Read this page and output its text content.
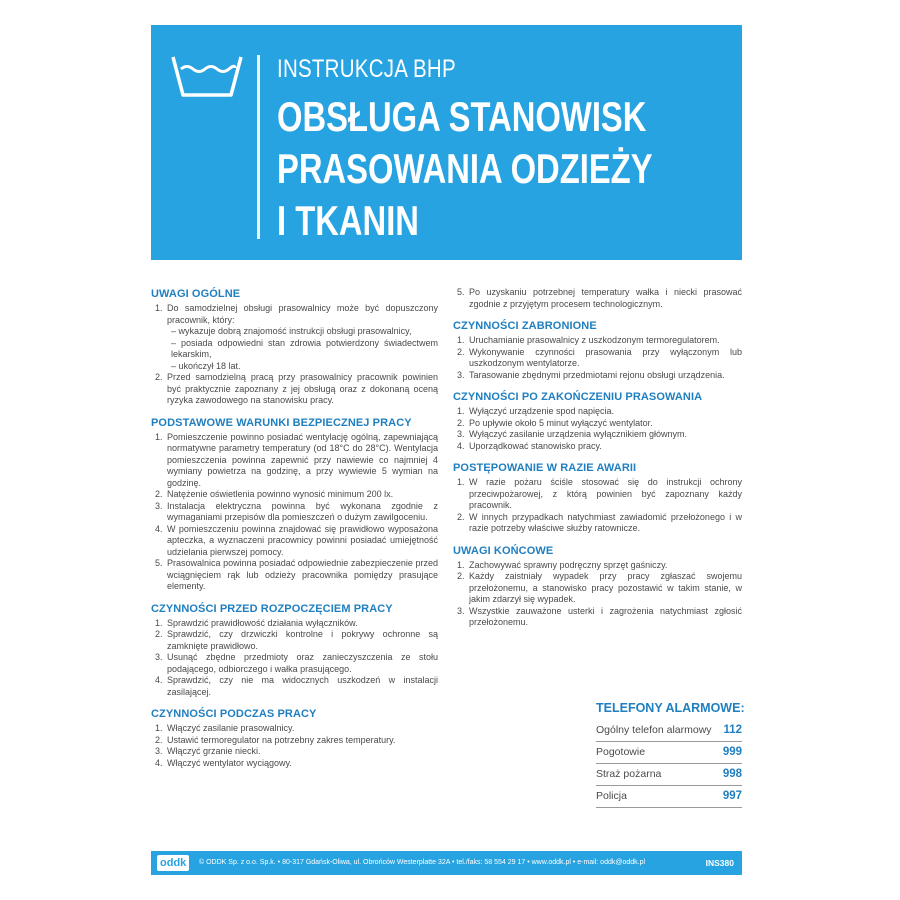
INSTRUKCJA BHP
OBSŁUGA STANOWISK
PRASOWANIA ODZIEŻY
I TKANIN
UWAGI OGÓLNE
1. Do samodzielnej obsługi prasowalnicy może być dopuszczony pracownik, który:
– wykazuje dobrą znajomość instrukcji obsługi prasowalnicy,
– posiada odpowiedni stan zdrowia potwierdzony świadectwem lekarskim,
– ukończył 18 lat.
2. Przed samodzielną pracą przy prasowalnicy pracownik powinien być praktycznie zapoznany z jej obsługą oraz z dokonaną oceną ryzyka zawodowego na stanowisku pracy.
PODSTAWOWE WARUNKI BEZPIECZNEJ PRACY
1. Pomieszczenie powinno posiadać wentylację ogólną, zapewniającą normatywne parametry temperatury (od 18°C do 28°C). Wentylacja pomieszczenia powinna zapewnić przy nawiewie co najmniej 4 wymiany powietrza na godzinę, a przy wywiewie 5 wymian na godzinę.
2. Natężenie oświetlenia powinno wynosić minimum 200 lx.
3. Instalacja elektryczna powinna być wykonana zgodnie z wymaganiami przepisów dla pomieszczeń o dużym zawilgoceniu.
4. W pomieszczeniu powinna znajdować się prawidłowo wyposażona apteczka, a wyznaczeni pracownicy powinni posiadać umiejętność udzielania pierwszej pomocy.
5. Prasowalnica powinna posiadać odpowiednie zabezpieczenie przed wciągnięciem rąk lub odzieży pracownika pomiędzy prasujące elementy.
CZYNNOŚCI PRZED ROZPOCZĘCIEM PRACY
1. Sprawdzić prawidłowość działania wyłączników.
2. Sprawdzić, czy drzwiczki kontrolne i pokrywy ochronne są zamknięte prawidłowo.
3. Usunąć zbędne przedmioty oraz zanieczyszczenia ze stołu podającego, odbiorczego i wałka prasującego.
4. Sprawdzić, czy nie ma widocznych uszkodzeń w instalacji zasilającej.
CZYNNOŚCI PODCZAS PRACY
1. Włączyć zasilanie prasowalnicy.
2. Ustawić termoregulator na potrzebny zakres temperatury.
3. Włączyć grzanie niecki.
4. Włączyć wentylator wyciągowy.
5. Po uzyskaniu potrzebnej temperatury wałka i niecki prasować zgodnie z przyjętym procesem technologicznym.
CZYNNOŚCI ZABRONIONE
1. Uruchamianie prasowalnicy z uszkodzonym termoregulatorem.
2. Wykonywanie czynności prasowania przy wyłączonym lub uszkodzonym wentylatorze.
3. Tarasowanie zbędnymi przedmiotami rejonu obsługi urządzenia.
CZYNNOŚCI PO ZAKOŃCZENIU PRASOWANIA
1. Wyłączyć urządzenie spod napięcia.
2. Po upływie około 5 minut wyłączyć wentylator.
3. Wyłączyć zasilanie urządzenia wyłącznikiem głównym.
4. Uporządkować stanowisko pracy.
POSTĘPOWANIE W RAZIE AWARII
1. W razie pożaru ściśle stosować się do instrukcji ochrony przeciwpożarowej, z którą powinien być zapoznany każdy pracownik.
2. W innych przypadkach natychmiast zawiadomić przełożonego i w razie potrzeby właściwe służby ratownicze.
UWAGI KOŃCOWE
1. Zachowywać sprawny podręczny sprzęt gaśniczy.
2. Każdy zaistniały wypadek przy pracy zgłaszać swojemu przełożonemu, a stanowisko pracy pozostawić w takim stanie, w jakim zdarzył się wypadek.
3. Wszystkie zauważone usterki i zagrożenia natychmiast zgłosić przełożonemu.
TELEFONY ALARMOWE:
Ogólny telefon alarmowy 112
Pogotowie	999
Straż pożarna	998
Policja	997
oddk	© ODDK Sp. z o.o. Sp.k. • 80-317 Gdańsk-Oliwa, ul. Obrońców Westerplatte 32A • tel./faks: 58 554 29 17 • www.oddk.pl • e-mail: oddk@oddk.pl	INS380
